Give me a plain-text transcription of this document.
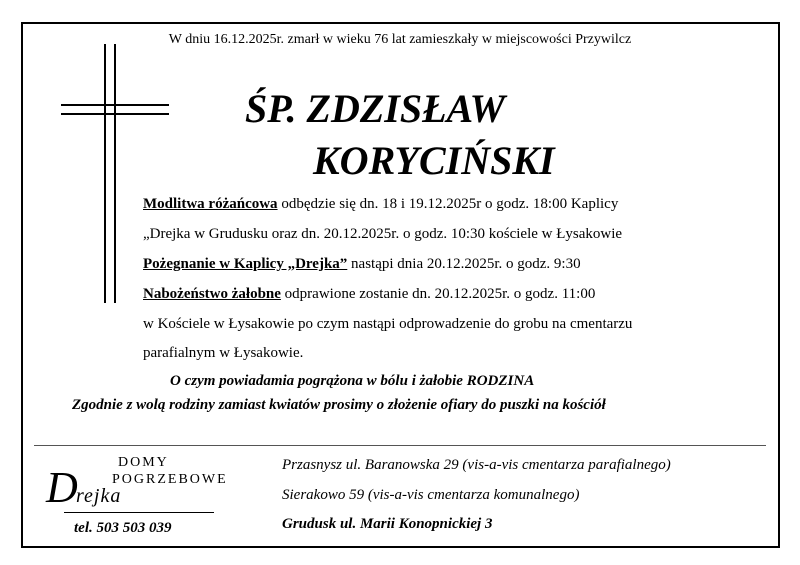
W dniu 16.12.2025r. zmarł w wieku 76 lat zamieszkały w miejscowości Przywilcz
ŚP. ZDZISŁAW
KORYCIŃSKI
Modlitwa różańcowa odbędzie się dn. 18 i 19.12.2025r o godz. 18:00 Kaplicy
„Drejka w Grudusku oraz dn. 20.12.2025r. o godz. 10:30 kościele w Łysakowie
Pożegnanie w Kaplicy „Drejka” nastąpi dnia 20.12.2025r. o godz. 9:30
Nabożeństwo żałobne odprawione zostanie dn. 20.12.2025r. o godz. 11:00
w Kościele w Łysakowie po czym nastąpi odprowadzenie do grobu na cmentarzu
parafialnym w Łysakowie.
O czym powiadamia pogrążona w bólu i żałobie RODZINA
Zgodnie z wolą rodziny zamiast kwiatów prosimy o złożenie ofiary do puszki na kościół
DOMY
POGRZEBOWE
D
rejka
tel. 503 503 039
Przasnysz ul. Baranowska 29 (vis-a-vis cmentarza parafialnego)
Sierakowo 59 (vis-a-vis cmentarza komunalnego)
Grudusk ul. Marii Konopnickiej 3
